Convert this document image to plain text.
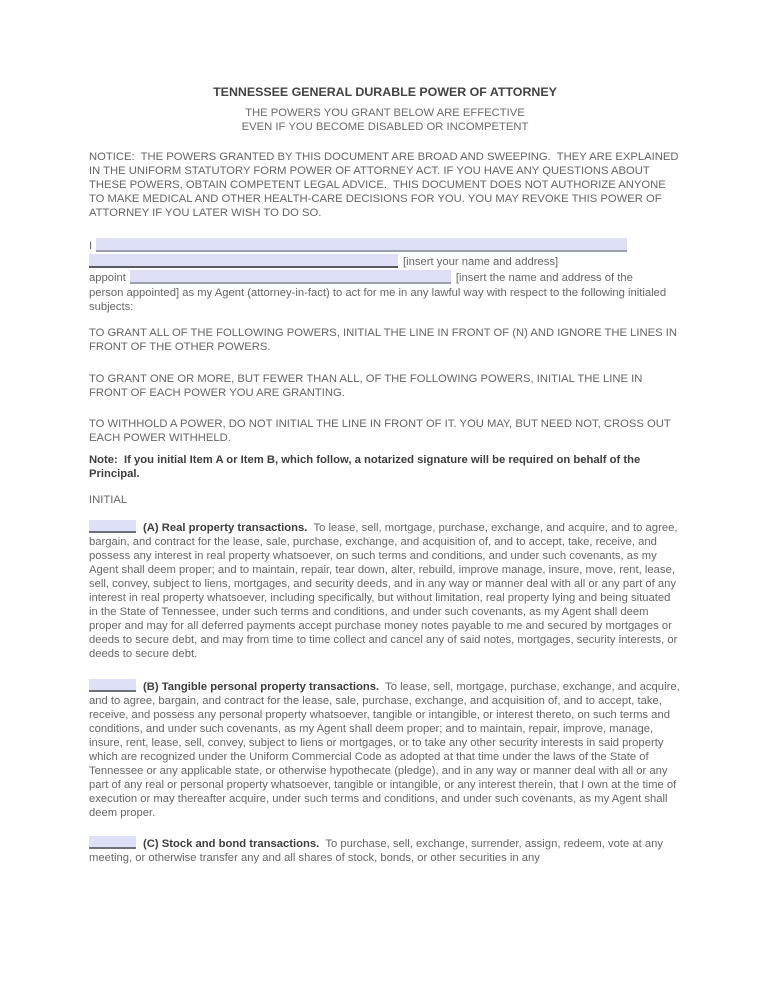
TENNESSEE GENERAL DURABLE POWER OF ATTORNEY
THE POWERS YOU GRANT BELOW ARE EFFECTIVE
EVEN IF YOU BECOME DISABLED OR INCOMPETENT

NOTICE:  THE POWERS GRANTED BY THIS DOCUMENT ARE BROAD AND SWEEPING.  THEY ARE EXPLAINED IN THE UNIFORM STATUTORY FORM POWER OF ATTORNEY ACT. IF YOU HAVE ANY QUESTIONS ABOUT THESE POWERS, OBTAIN COMPETENT LEGAL ADVICE.  THIS DOCUMENT DOES NOT AUTHORIZE ANYONE TO MAKE MEDICAL AND OTHER HEALTH-CARE DECISIONS FOR YOU. YOU MAY REVOKE THIS POWER OF ATTORNEY IF YOU LATER WISH TO DO SO.

I
[insert your name and address]
appoint	[insert the name and address of the

person appointed] as my Agent (attorney-in-fact) to act for me in any lawful way with respect to the following initialed subjects:

TO GRANT ALL OF THE FOLLOWING POWERS, INITIAL THE LINE IN FRONT OF (N) AND IGNORE THE LINES IN FRONT OF THE OTHER POWERS.

TO GRANT ONE OR MORE, BUT FEWER THAN ALL, OF THE FOLLOWING POWERS, INITIAL THE LINE IN FRONT OF EACH POWER YOU ARE GRANTING.

TO WITHHOLD A POWER, DO NOT INITIAL THE LINE IN FRONT OF IT. YOU MAY, BUT NEED NOT, CROSS OUT EACH POWER WITHHELD.

Note:  If you initial Item A or Item B, which follow, a notarized signature will be required on behalf of the Principal.

INITIAL

(A) Real property transactions.  To lease, sell, mortgage, purchase, exchange, and acquire, and to agree, bargain, and contract for the lease, sale, purchase, exchange, and acquisition of, and to accept, take, receive, and possess any interest in real property whatsoever, on such terms and conditions, and under such covenants, as my Agent shall deem proper; and to maintain, repair, tear down, alter, rebuild, improve manage, insure, move, rent, lease, sell, convey, subject to liens, mortgages, and security deeds, and in any way or manner deal with all or any part of any interest in real property whatsoever, including specifically, but without limitation, real property lying and being situated in the State of Tennessee, under such terms and conditions, and under such covenants, as my Agent shall deem proper and may for all deferred payments accept purchase money notes payable to me and secured by mortgages or deeds to secure debt, and may from time to time collect and cancel any of said notes, mortgages, security interests, or deeds to secure debt.

(B) Tangible personal property transactions.  To lease, sell, mortgage, purchase, exchange, and acquire, and to agree, bargain, and contract for the lease, sale, purchase, exchange, and acquisition of, and to accept, take, receive, and possess any personal property whatsoever, tangible or intangible, or interest thereto, on such terms and conditions, and under such covenants, as my Agent shall deem proper; and to maintain, repair, improve, manage, insure, rent, lease, sell, convey, subject to liens or mortgages, or to take any other security interests in said property which are recognized under the Uniform Commercial Code as adopted at that time under the laws of the State of Tennessee or any applicable state, or otherwise hypothecate (pledge), and in any way or manner deal with all or any part of any real or personal property whatsoever, tangible or intangible, or any interest therein, that I own at the time of execution or may thereafter acquire, under such terms and conditions, and under such covenants, as my Agent shall deem proper.

(C) Stock and bond transactions.  To purchase, sell, exchange, surrender, assign, redeem, vote at any meeting, or otherwise transfer any and all shares of stock, bonds, or other securities in any
